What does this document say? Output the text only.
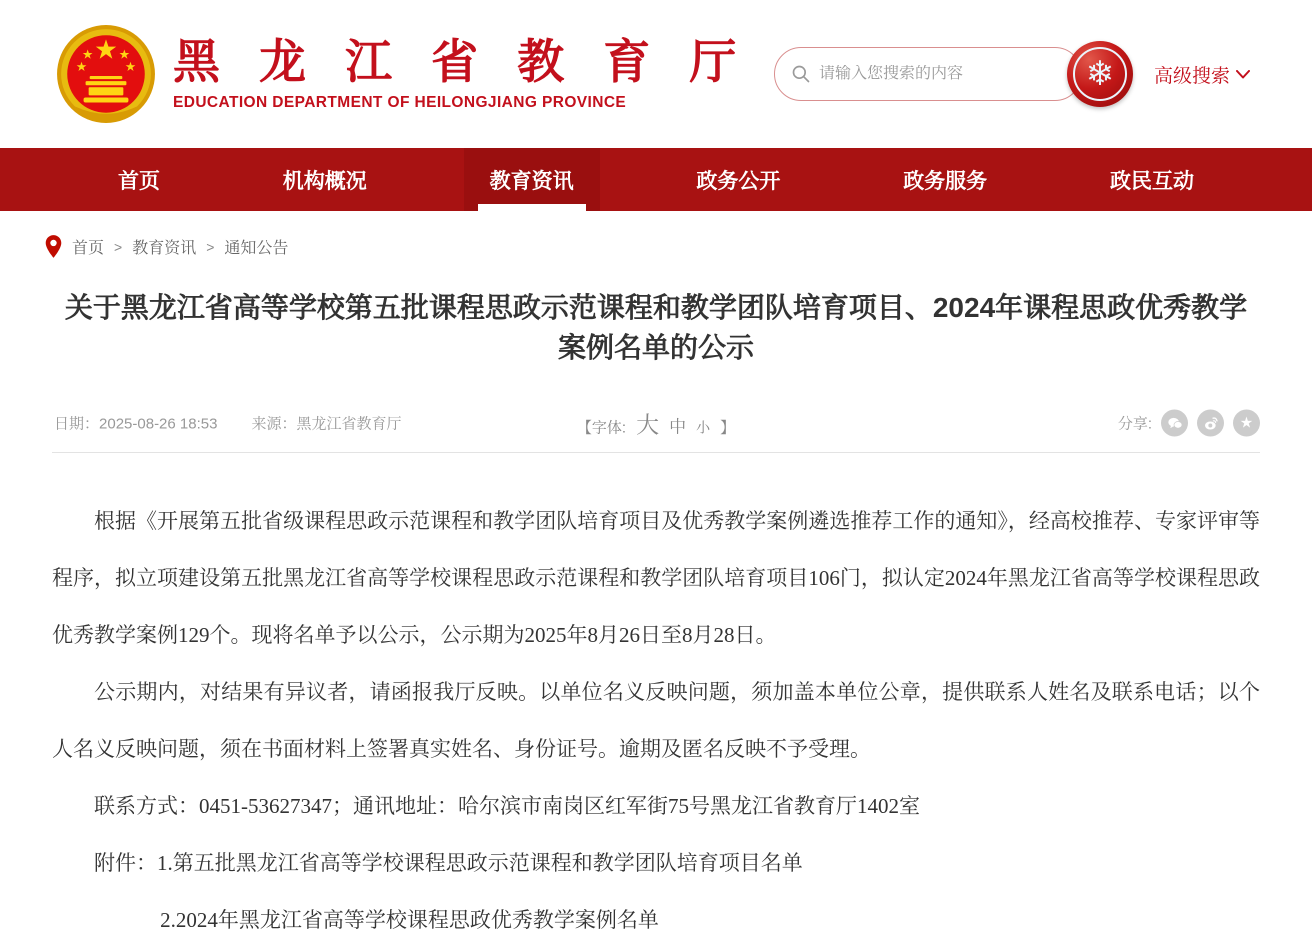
黑 龙 江 省 教 育 厅
EDUCATION DEPARTMENT OF HEILONGJIANG PROVINCE
请输入您搜索的内容
❄	高级搜索
首页	机构概况	教育资讯	政务公开	政务服务	政民互动
首页 > 教育资讯 > 通知公告
关于黑龙江省高等学校第五批课程思政示范课程和教学团队培育项目、2024年课程思政优秀教学案例名单的公示
日期：2025-08-26 18:53 来源：黑龙江省教育厅	【字体: 大 中 小 】	分享:	★

根据《开展第五批省级课程思政示范课程和教学团队培育项目及优秀教学案例遴选推荐工作的通知》，经高校推荐、专家评审等程序，拟立项建设第五批黑龙江省高等学校课程思政示范课程和教学团队培育项目106门，拟认定2024年黑龙江省高等学校课程思政优秀教学案例129个。现将名单予以公示，公示期为2025年8月26日至8月28日。

公示期内，对结果有异议者，请函报我厅反映。以单位名义反映问题，须加盖本单位公章，提供联系人姓名及联系电话；以个人名义反映问题，须在书面材料上签署真实姓名、身份证号。逾期及匿名反映不予受理。

联系方式：0451-53627347；通讯地址：哈尔滨市南岗区红军街75号黑龙江省教育厅1402室

附件：1.第五批黑龙江省高等学校课程思政示范课程和教学团队培育项目名单

2.2024年黑龙江省高等学校课程思政优秀教学案例名单
